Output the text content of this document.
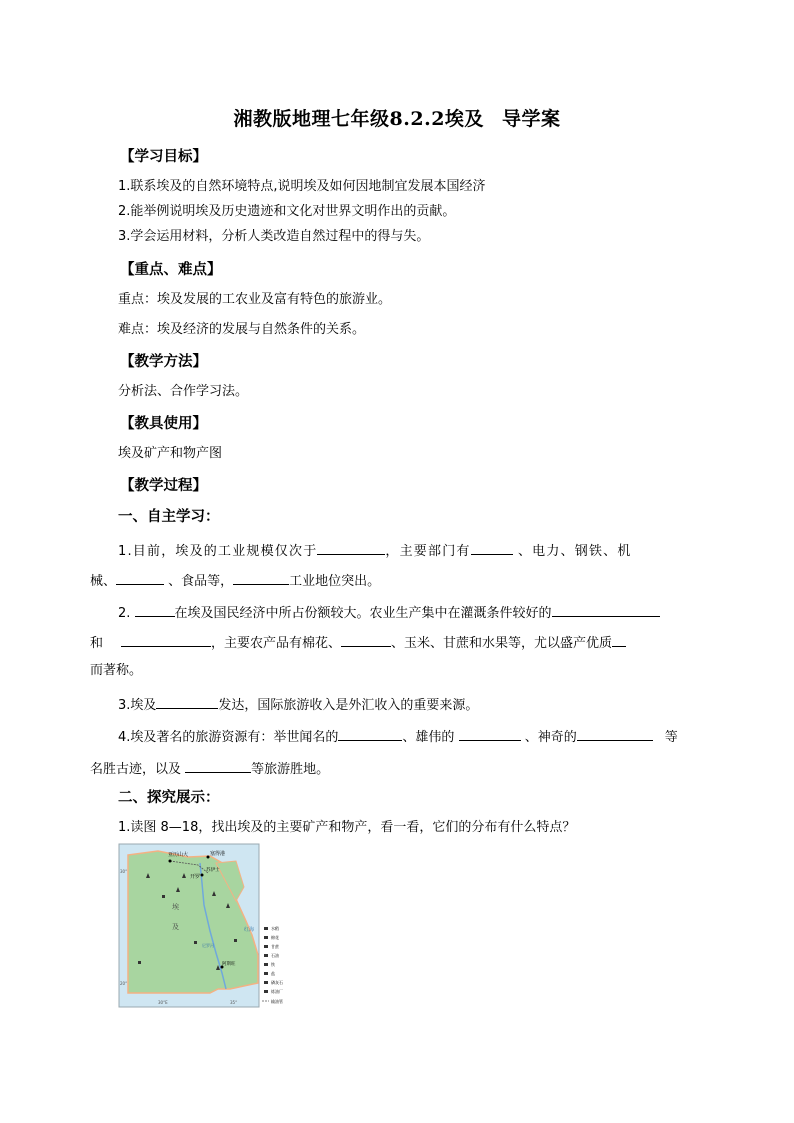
湘教版地理七年级8.2.2埃及 导学案
【学习目标】
1.联系埃及的自然环境特点,说明埃及如何因地制宜发展本国经济
2.能举例说明埃及历史遗迹和文化对世界文明作出的贡献。
3.学会运用材料，分析人类改造自然过程中的得与失。
【重点、难点】
重点：埃及发展的工农业及富有特色的旅游业。
难点：埃及经济的发展与自然条件的关系。
【教学方法】
分析法、合作学习法。
【教具使用】
埃及矿产和物产图
【教学过程】
一、自主学习：
1.目前，埃及的工业规模仅次于	，主要部门有	、电力、钢铁、机
械、	、食品等，	工业地位突出。
2.	在埃及国民经济中所占份额较大。农业生产集中在灌溉条件较好的
和	，主要农产品有棉花、	、玉米、甘蔗和水果等，尤以盛产优质
而著称。
3.埃及	发达，国际旅游收入是外汇收入的重要来源。
4.埃及著名的旅游资源有：举世闻名的	、雄伟的	、神奇的	等
名胜古迹，以及	等旅游胜地。
二、探究展示：
1.读图 8—18，找出埃及的主要矿产和物产，看一看，它们的分布有什么特点？
亚历山大	塞得港
开罗
苏伊士
埃
及
阿斯旺
红海
尼罗河
30°
20°
30°E	35°
水稻
棉花
甘蔗
石油
铁
盐
磷灰石
炼油厂
输油管
